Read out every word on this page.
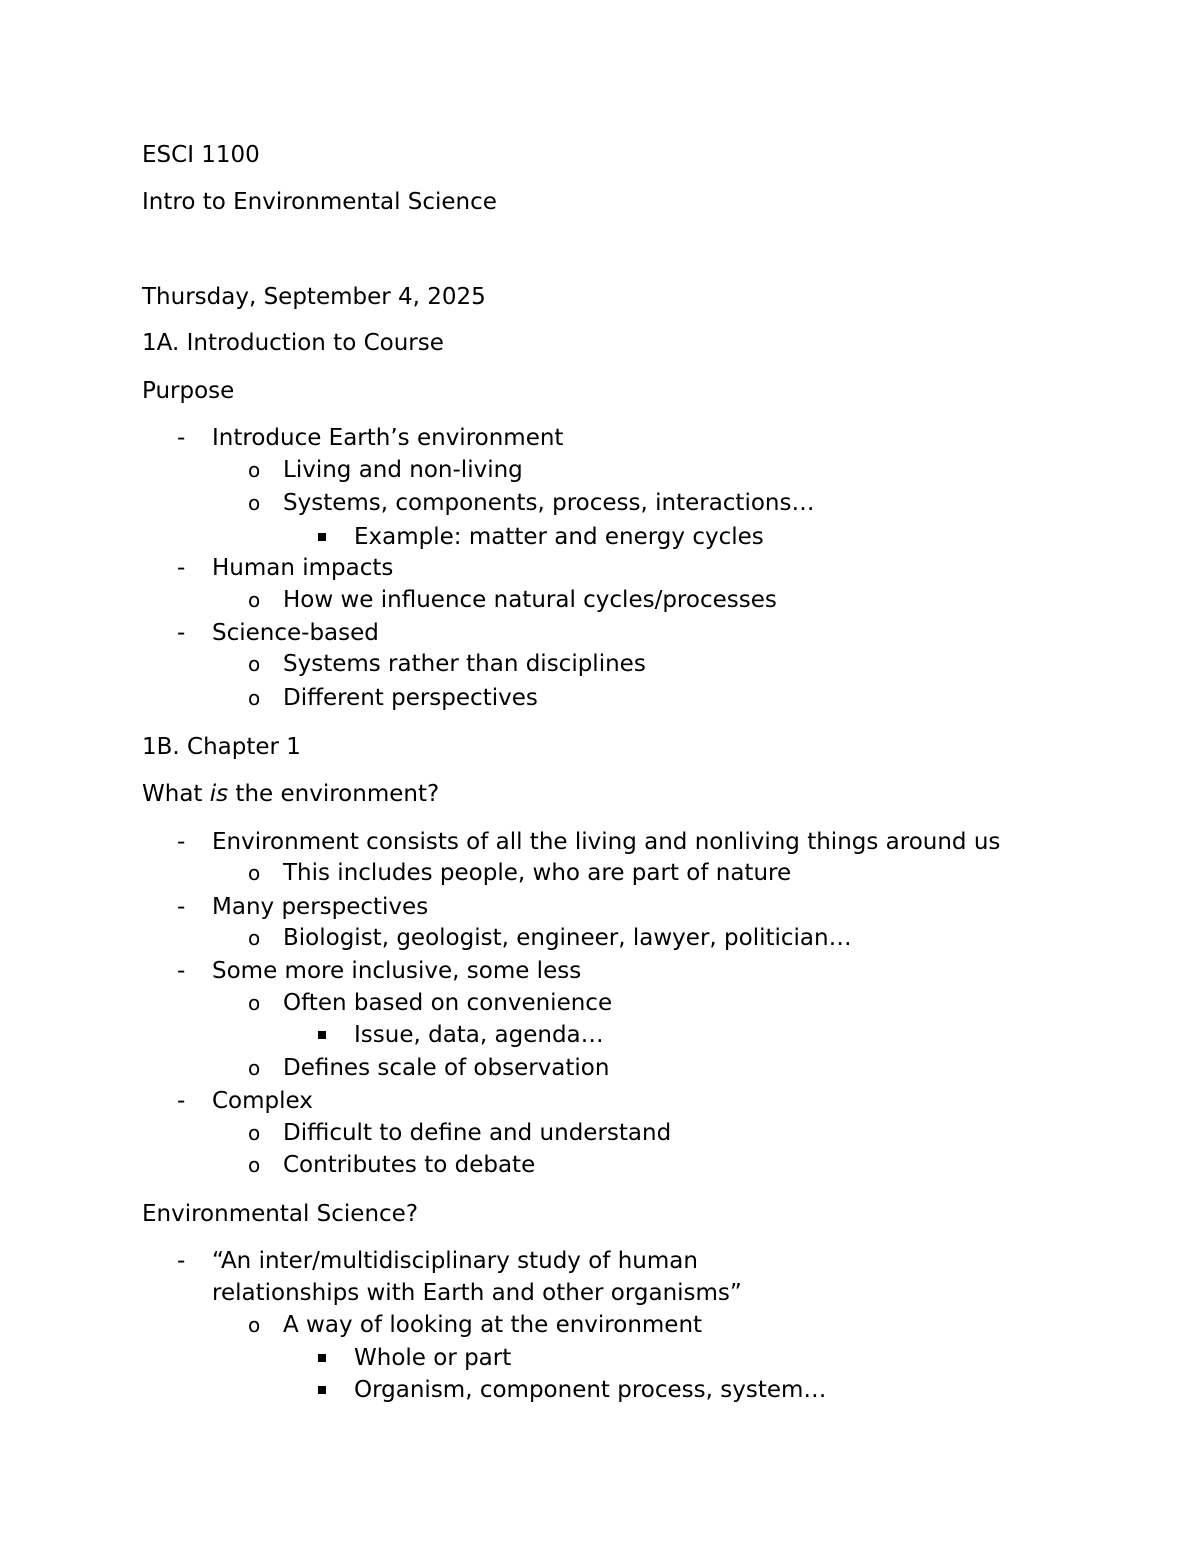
ESCI 1100
Intro to Environmental Science
Thursday, September 4, 2025
1A. Introduction to Course
Purpose
-	Introduce Earth’s environment
o Living and non-living
o Systems, components, process, interactions…
Example: matter and energy cycles
-	Human impacts
o How we influence natural cycles/processes
-	Science-based
o Systems rather than disciplines
o Different perspectives
1B. Chapter 1
What is the environment?
-	Environment consists of all the living and nonliving things around us
o This includes people, who are part of nature
-	Many perspectives
o Biologist, geologist, engineer, lawyer, politician…
-	Some more inclusive, some less
o Often based on convenience
Issue, data, agenda…
o Defines scale of observation
-	Complex
o Difficult to define and understand
o Contributes to debate
Environmental Science?
-	“An inter/multidisciplinary study of human
relationships with Earth and other organisms”
o A way of looking at the environment
Whole or part
Organism, component process, system…
